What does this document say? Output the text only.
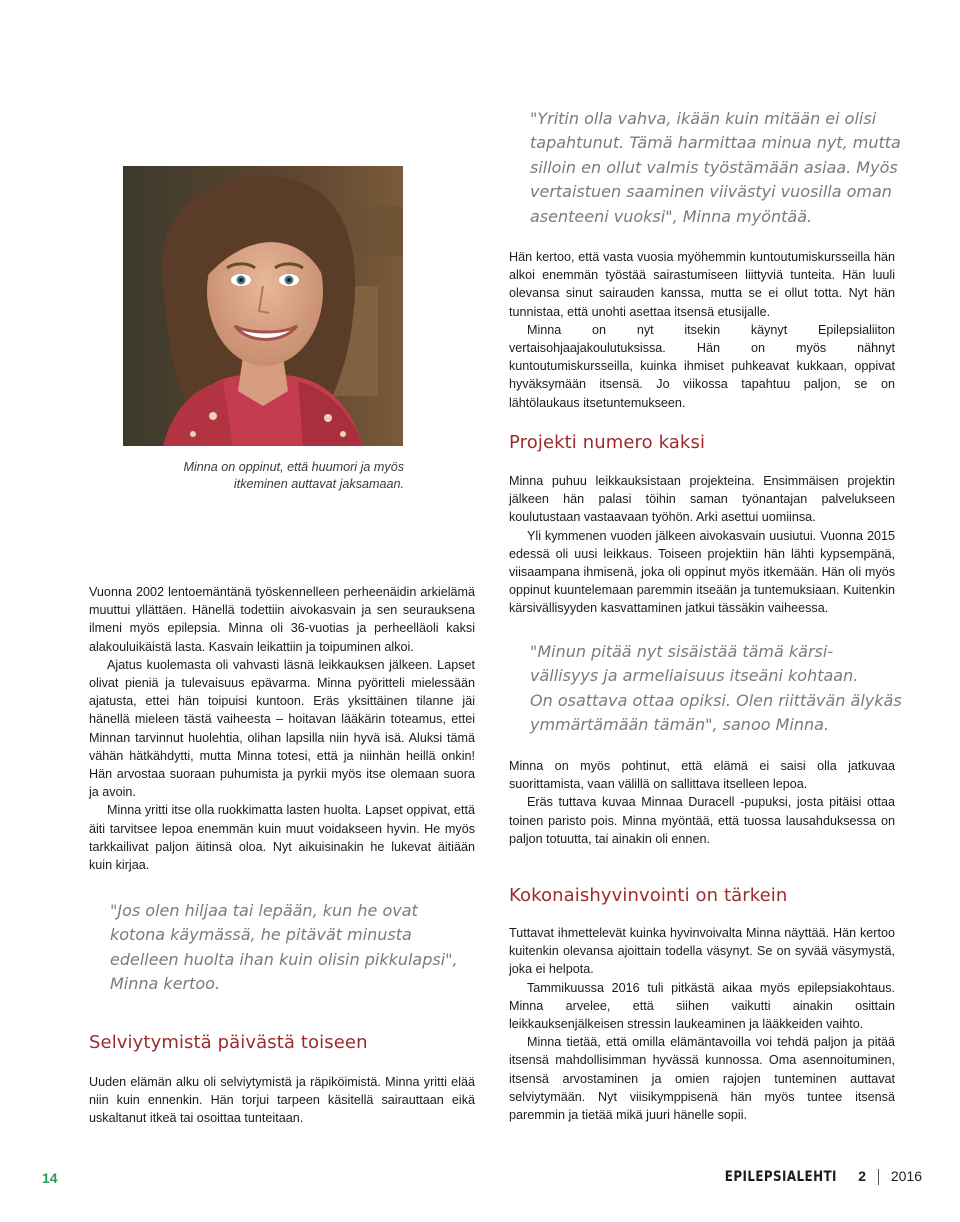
"Yritin olla vahva, ikään kuin mitään ei olisi

tapahtunut. Tämä harmittaa minua nyt, mutta

silloin en ollut valmis työstämään asiaa. Myös

vertaistuen saaminen viivästyi vuosilla oman

asenteeni vuoksi", Minna myöntää.

Hän kertoo, että vasta vuosia myöhemmin kuntoutumiskursseilla hän alkoi enemmän työstää sairastumiseen liittyviä tunteita. Hän luuli olevansa sinut sairauden kanssa, mutta se ei ollut totta. Nyt hän tunnistaa, että unohti asettaa itsensä etusijalle.

Minna on nyt itsekin käynyt Epilepsialiiton vertaisohjaajakoulutuksissa. Hän on myös nähnyt kuntoutumiskursseilla, kuinka ihmiset puhkeavat kukkaan, oppivat hyväksymään itsensä. Jo viikossa tapahtuu paljon, se on lähtölaukaus itsetuntemukseen.

Minna on oppinut, että huumori ja myös

itkeminen auttavat jaksamaan.

Vuonna 2002 lentoemäntänä työskennelleen perheenäidin arkielämä muuttui yllättäen. Hänellä todettiin aivokasvain ja sen seurauksena ilmeni myös epilepsia. Minna oli 36-vuotias ja perheelläoli kaksi alakouluikäistä lasta. Kasvain leikattiin ja toipuminen alkoi.

Ajatus kuolemasta oli vahvasti läsnä leikkauksen jälkeen. Lapset olivat pieniä ja tulevaisuus epävarma. Minna pyöritteli mielessään ajatusta, ettei hän toipuisi kuntoon. Eräs yksittäinen tilanne jäi hänellä mieleen tästä vaiheesta – hoitavan lääkärin toteamus, ettei Minnan tarvinnut huolehtia, olihan lapsilla niin hyvä isä. Aluksi tämä vähän hätkähdytti, mutta Minna totesi, että ja niinhän heillä onkin! Hän arvostaa suoraan puhumista ja pyrkii myös itse olemaan suora ja avoin.

Minna yritti itse olla ruokkimatta lasten huolta. Lapset oppivat, että äiti tarvitsee lepoa enemmän kuin muut voidakseen hyvin. He myös tarkkailivat paljon äitinsä oloa. Nyt aikuisinakin he lukevat äitiään kuin kirjaa.

"Jos olen hiljaa tai lepään, kun he ovat

kotona käymässä, he pitävät minusta

edelleen huolta ihan kuin olisin pikkulapsi",

Minna kertoo.

Selviytymistä päivästä toiseen

Uuden elämän alku oli selviytymistä ja räpiköimistä. Minna yritti elää niin kuin ennenkin. Hän torjui tarpeen käsitellä sairauttaan eikä uskaltanut itkeä tai osoittaa tunteitaan.

Projekti numero kaksi

Minna puhuu leikkauksistaan projekteina. Ensimmäisen projektin jälkeen hän palasi töihin saman työnantajan palvelukseen koulutustaan vastaavaan työhön. Arki asettui uomiinsa.

Yli kymmenen vuoden jälkeen aivokasvain uusiutui. Vuonna 2015 edessä oli uusi leikkaus. Toiseen projektiin hän lähti kypsempänä, viisaampana ihmisenä, joka oli oppinut myös itkemään. Hän oli myös oppinut kuuntelemaan paremmin itseään ja tuntemuksiaan. Kuitenkin kärsivällisyyden kasvattaminen jatkui tässäkin vaiheessa.

"Minun pitää nyt sisäistää tämä kärsi-

vällisyys ja armeliaisuus itseäni kohtaan.

On osattava ottaa opiksi. Olen riittävän älykäs

ymmärtämään tämän", sanoo Minna.

Minna on myös pohtinut, että elämä ei saisi olla jatkuvaa suorittamista, vaan välillä on sallittava itselleen lepoa.

Eräs tuttava kuvaa Minnaa Duracell -pupuksi, josta pitäisi ottaa toinen paristo pois. Minna myöntää, että tuossa lausahduksessa on paljon totuutta, tai ainakin oli ennen.

Kokonaishyvinvointi on tärkein

Tuttavat ihmettelevät kuinka hyvinvoivalta Minna näyttää. Hän kertoo kuitenkin olevansa ajoittain todella väsynyt. Se on syvää väsymystä, joka ei helpota.

Tammikuussa 2016 tuli pitkästä aikaa myös epilepsiakohtaus. Minna arvelee, että siihen vaikutti ainakin osittain leikkauksenjälkeisen stressin laukeaminen ja lääkkeiden vaihto.

Minna tietää, että omilla elämäntavoilla voi tehdä paljon ja pitää itsensä mahdollisimman hyvässä kunnossa. Oma asennoituminen, itsensä arvostaminen ja omien rajojen tunteminen auttavat selviytymään. Nyt viisikymppisenä hän myös tuntee itsensä paremmin ja tietää mikä juuri hänelle sopii.

14	EPILEPSIALEHTI 2 2016
